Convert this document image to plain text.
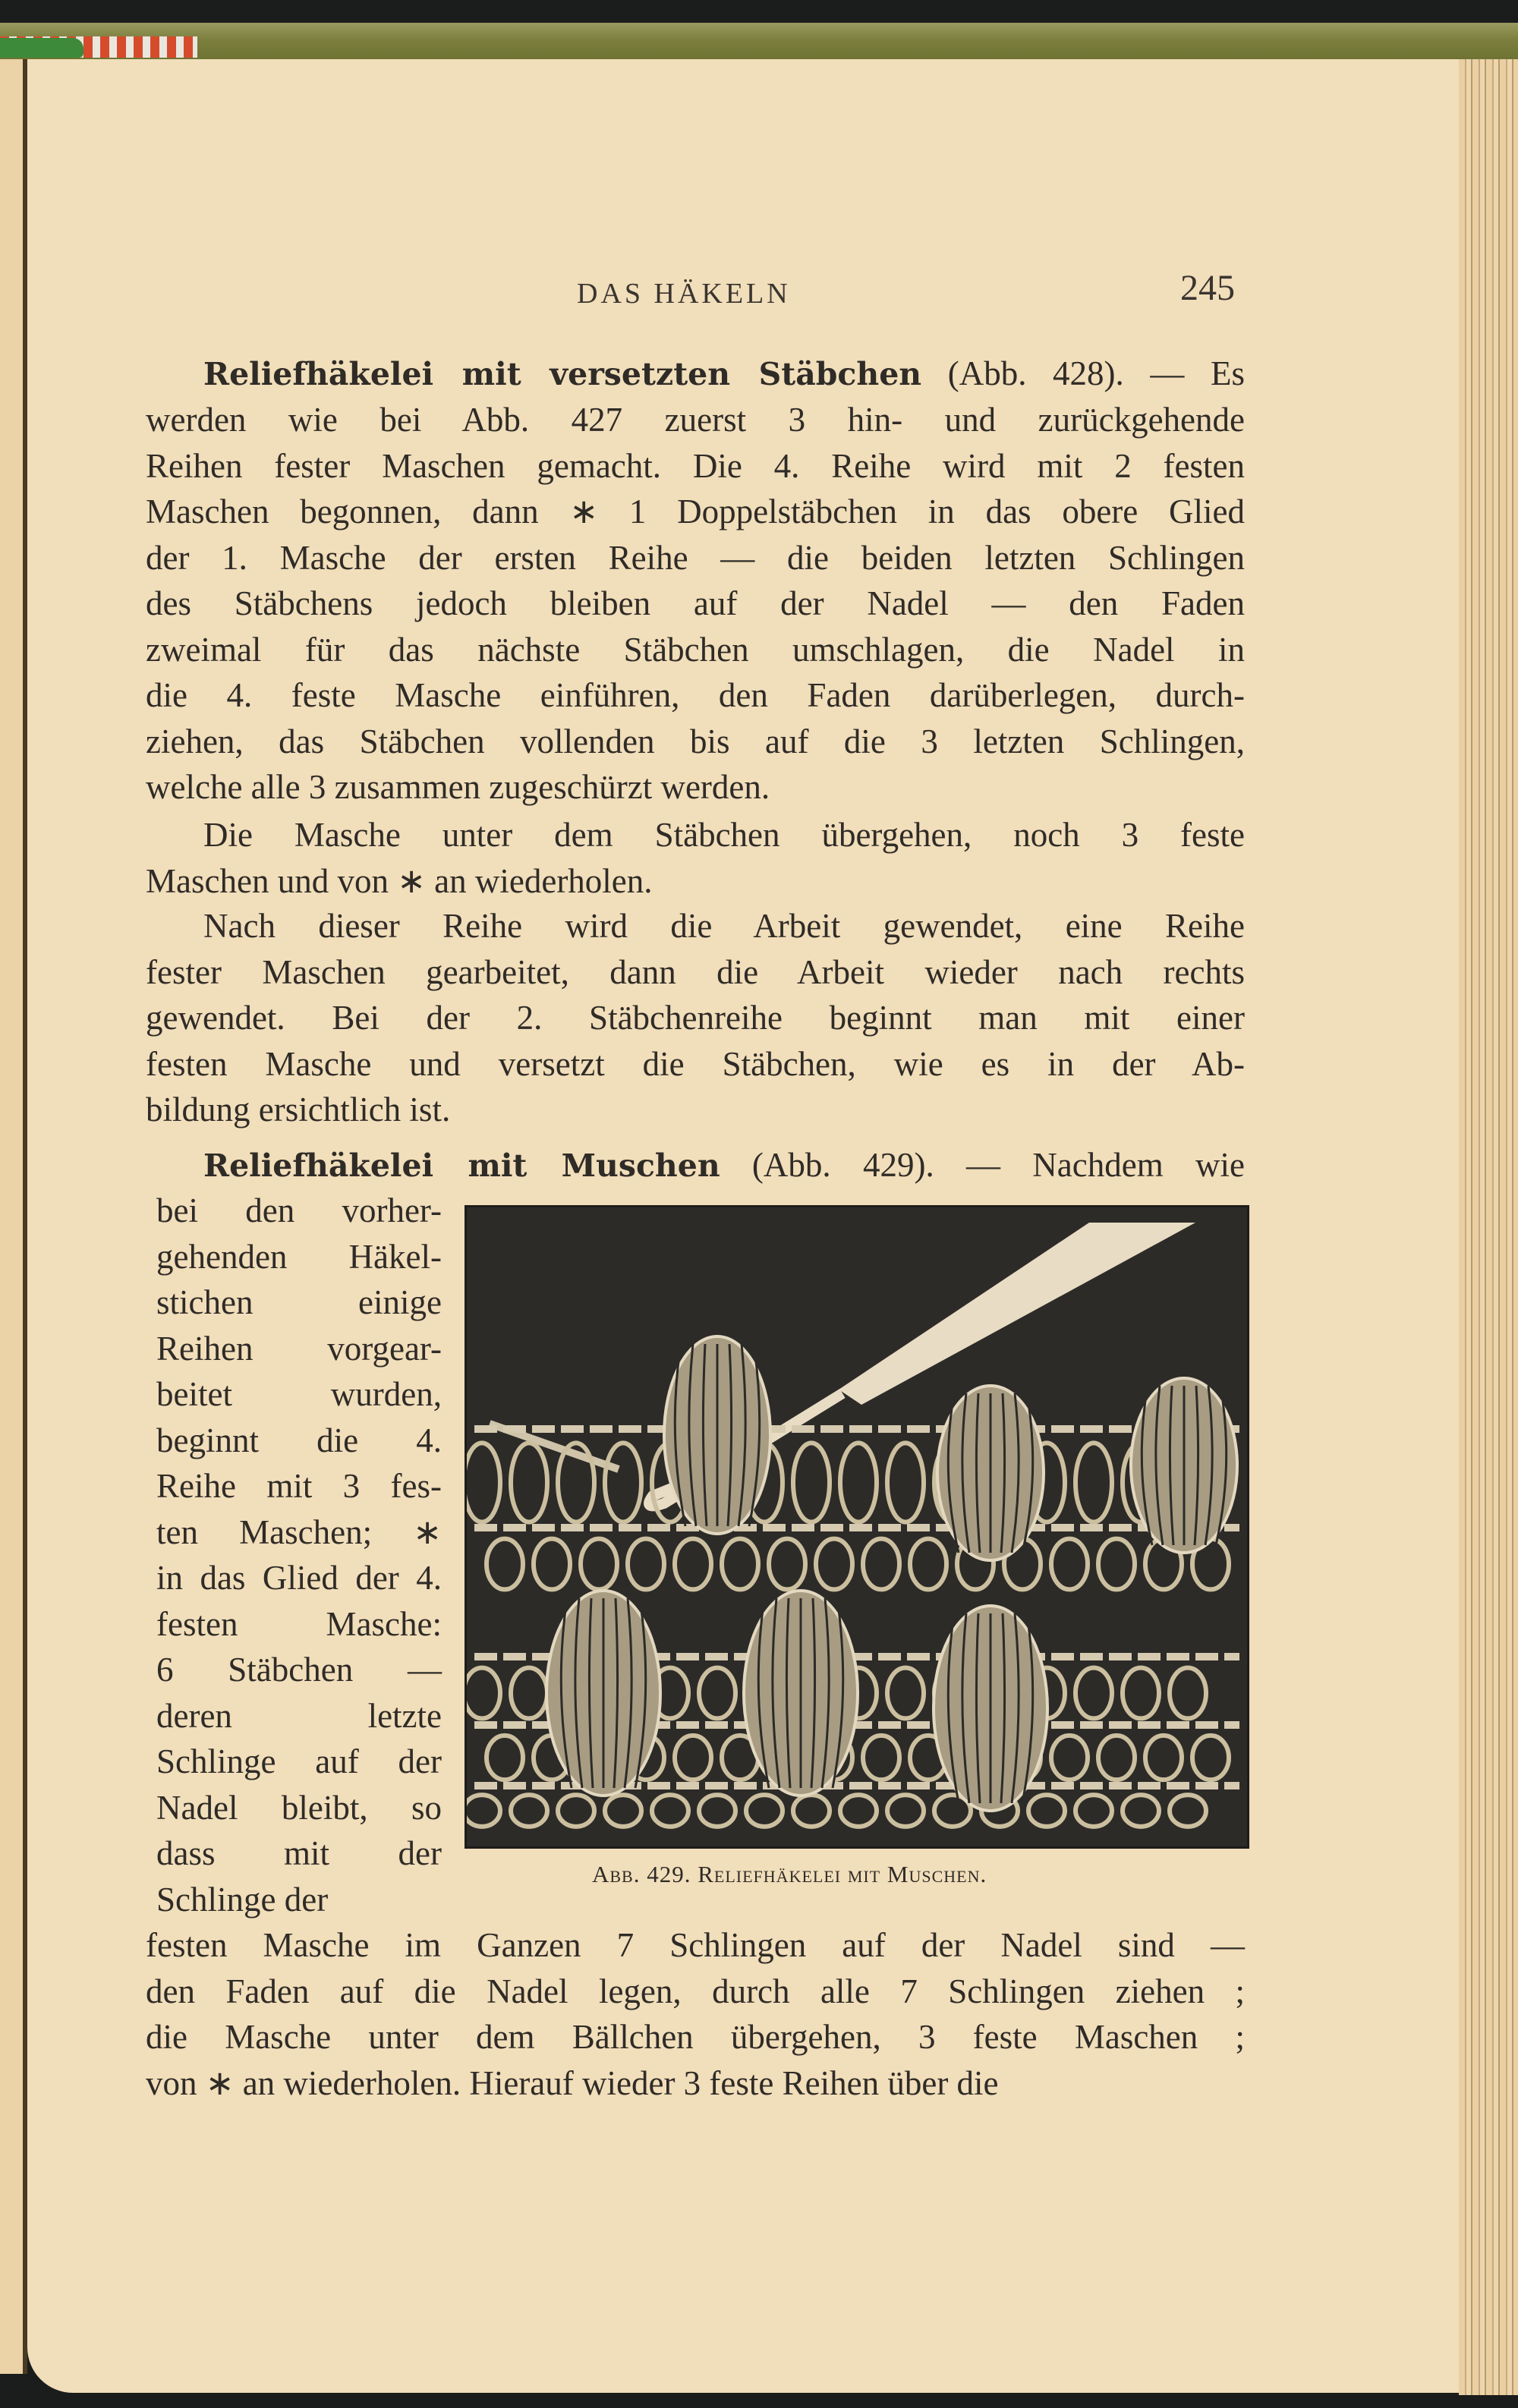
DAS HÄKELN	245
Reliefhäkelei mit versetzten Stäbchen (Abb. 428). — Es
werden wie bei Abb. 427 zuerst 3 hin- und zurückgehende
Reihen fester Maschen gemacht. Die 4. Reihe wird mit 2 festen
Maschen begonnen, dann ∗ 1 Doppelstäbchen in das obere Glied
der 1. Masche der ersten Reihe — die beiden letzten Schlingen
des Stäbchens jedoch bleiben auf der Nadel — den Faden
zweimal für das nächste Stäbchen umschlagen, die Nadel in
die 4. feste Masche einführen, den Faden darüberlegen, durch-
ziehen, das Stäbchen vollenden bis auf die 3 letzten Schlingen,
welche alle 3 zusammen zugeschürzt werden.
Die Masche unter dem Stäbchen übergehen, noch 3 feste
Maschen und von ∗ an wiederholen.
Nach dieser Reihe wird die Arbeit gewendet, eine Reihe
fester Maschen gearbeitet, dann die Arbeit wieder nach rechts
gewendet. Bei der 2. Stäbchenreihe beginnt man mit einer
festen Masche und versetzt die Stäbchen, wie es in der Ab-
bildung ersichtlich ist.
Reliefhäkelei mit Muschen (Abb. 429). — Nachdem wie
bei den vorher-
gehenden Häkel-
stichen einige
Reihen vorgear-
beitet wurden,
beginnt die 4.
Reihe mit 3 fes-
ten Maschen; ∗
in das Glied der 4.
festen Masche:
6 Stäbchen —
deren letzte
Schlinge auf der
Nadel bleibt, so
dass mit der
Schlinge der
Abb. 429. Reliefhäkelei mit Muschen.
festen Masche im Ganzen 7 Schlingen auf der Nadel sind —
den Faden auf die Nadel legen, durch alle 7 Schlingen ziehen ;
die Masche unter dem Bällchen übergehen, 3 feste Maschen ;
von ∗ an wiederholen. Hierauf wieder 3 feste Reihen über die
